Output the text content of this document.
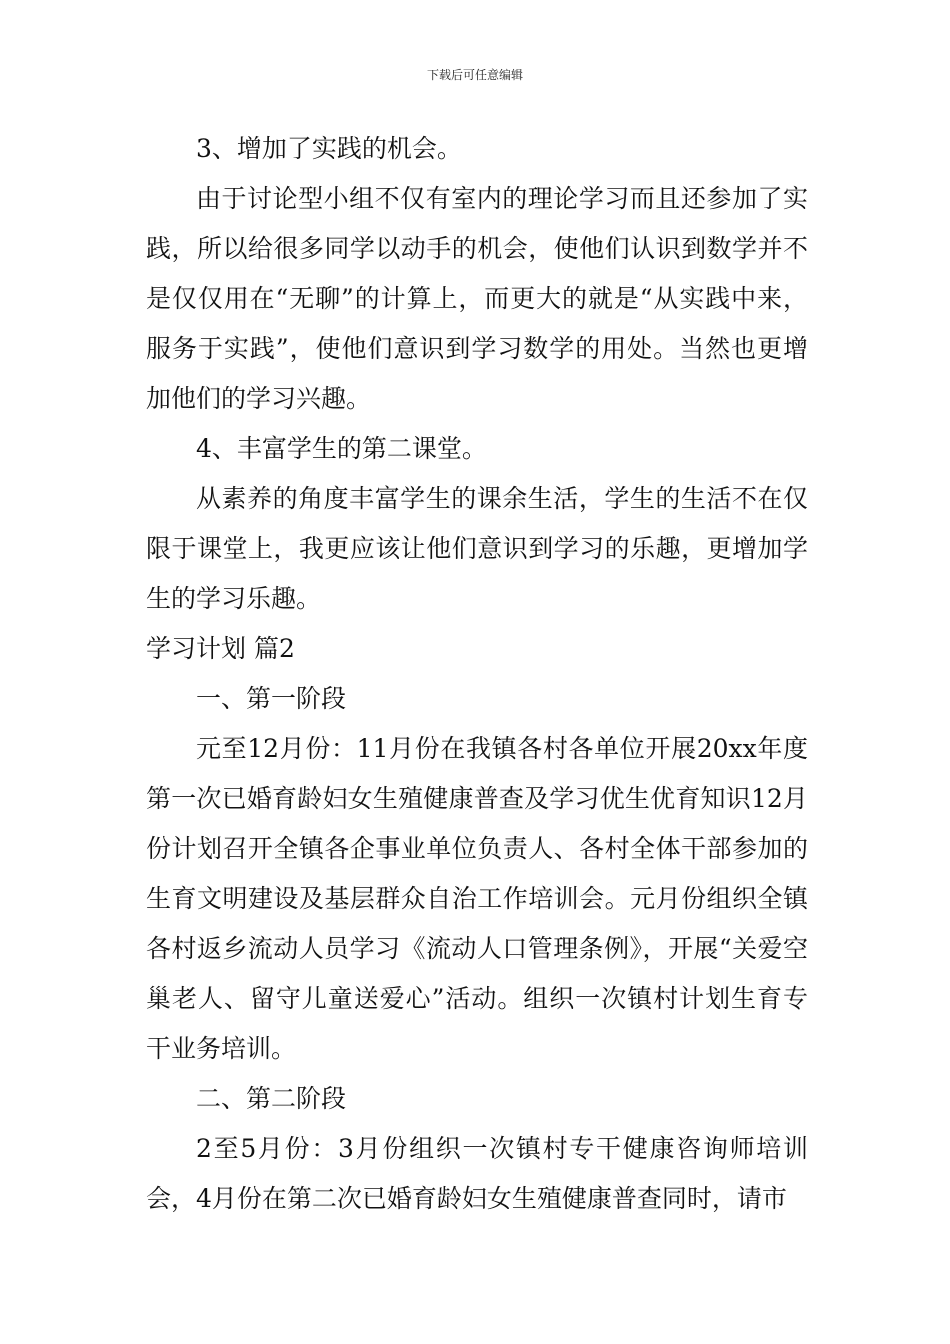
下载后可任意编辑

3、增加了实践的机会。

由于讨论型小组不仅有室内的理论学习而且还参加了实践，所以给很多同学以动手的机会，使他们认识到数学并不是仅仅用在“无聊”的计算上，而更大的就是“从实践中来，服务于实践”，使他们意识到学习数学的用处。当然也更增加他们的学习兴趣。

4、丰富学生的第二课堂。

从素养的角度丰富学生的课余生活，学生的生活不在仅限于课堂上，我更应该让他们意识到学习的乐趣，更增加学生的学习乐趣。

学习计划 篇2

一、第一阶段

元至12月份：11月份在我镇各村各单位开展20xx年度第一次已婚育龄妇女生殖健康普查及学习优生优育知识12月份计划召开全镇各企事业单位负责人、各村全体干部参加的生育文明建设及基层群众自治工作培训会。元月份组织全镇各村返乡流动人员学习《流动人口管理条例》，开展“关爱空巢老人、留守儿童送爱心”活动。组织一次镇村计划生育专干业务培训。

二、第二阶段

2至5月份：3月份组织一次镇村专干健康咨询师培训会，4月份在第二次已婚育龄妇女生殖健康普查同时，请市
